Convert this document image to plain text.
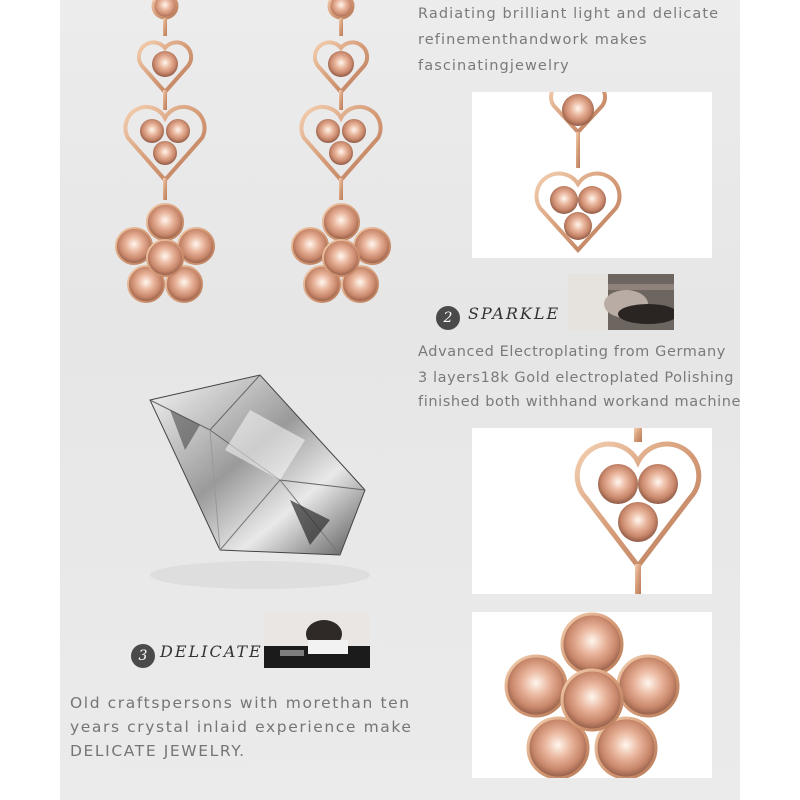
Radiating brilliant light and delicate
refinementhandwork makes
fascinatingjewelry
2 SPARKLE
Advanced Electroplating from Germany
3 layers18k Gold electroplated Polishing
finished both withhand workand machine
3 DELICATE
Old craftspersons with morethan ten
years crystal inlaid experience make
DELICATE JEWELRY.
